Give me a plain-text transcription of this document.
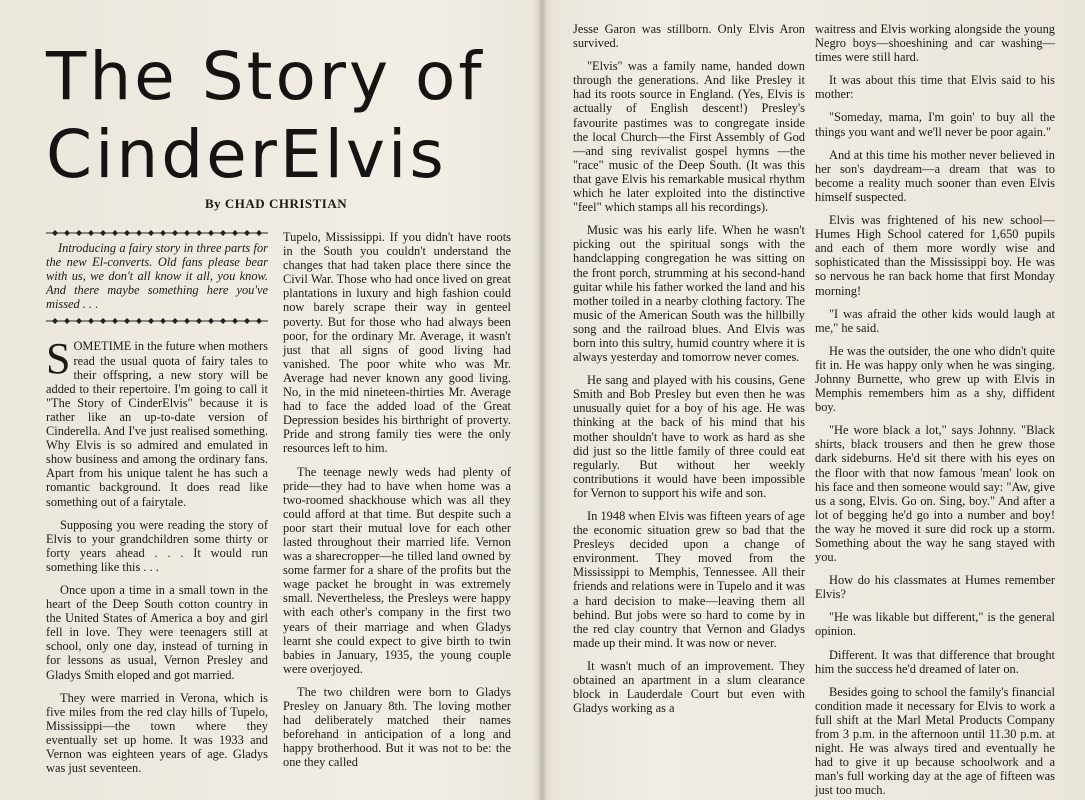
The Story of
CinderElvis

By CHAD CHRISTIAN

Introducing a fairy story in three parts for the new El-converts. Old fans please bear with us, we don't all know it all, you know. And there maybe something here you've missed . . .

SOMETIME in the future when mothers read the usual quota of fairy tales to their offspring, a new story will be added to their repertoire. I'm going to call it "The Story of CinderElvis" because it is rather like an up-to-date version of Cinderella. And I've just realised something. Why Elvis is so admired and emulated in show business and among the ordinary fans. Apart from his unique talent he has such a romantic background. It does read like something out of a fairytale.

Supposing you were reading the story of Elvis to your grandchildren some thirty or forty years ahead . . . It would run something like this . . .

Once upon a time in a small town in the heart of the Deep South cotton country in the United States of America a boy and girl fell in love. They were teenagers still at school, only one day, instead of turning in for lessons as usual, Vernon Presley and Gladys Smith eloped and got married.

They were married in Verona, which is five miles from the red clay hills of Tupelo, Mississippi—the town where they eventually set up home. It was 1933 and Vernon was eighteen years of age. Gladys was just seventeen.

Tupelo, Mississippi. If you didn't have roots in the South you couldn't understand the changes that had taken place there since the Civil War. Those who had once lived on great plantations in luxury and high fashion could now barely scrape their way in genteel poverty. But for those who had always been poor, for the ordinary Mr. Average, it wasn't just that all signs of good living had vanished. The poor white who was Mr. Average had never known any good living. No, in the mid nineteen-thirties Mr. Average had to face the added load of the Great Depression besides his birthright of proverty. Pride and strong family ties were the only resources left to him.

The teenage newly weds had plenty of pride—they had to have when home was a two-roomed shackhouse which was all they could afford at that time. But despite such a poor start their mutual love for each other lasted throughout their married life. Vernon was a sharecropper—he tilled land owned by some farmer for a share of the profits but the wage packet he brought in was extremely small. Nevertheless, the Presleys were happy with each other's company in the first two years of their marriage and when Gladys learnt she could expect to give birth to twin babies in January, 1935, the young couple were overjoyed.

The two children were born to Gladys Presley on January 8th. The loving mother had deliberately matched their names beforehand in anticipation of a long and happy brotherhood. But it was not to be: the one they called

Jesse Garon was stillborn. Only Elvis Aron survived.

"Elvis" was a family name, handed down through the generations. And like Presley it had its roots source in England. (Yes, Elvis is actually of English descent!) Presley's favourite pastimes was to congregate inside the local Church—the First Assembly of God—and sing revivalist gospel hymns —the "race" music of the Deep South. (It was this that gave Elvis his remarkable musical rhythm which he later exploited into the distinctive "feel" which stamps all his recordings).

Music was his early life. When he wasn't picking out the spiritual songs with the handclapping congregation he was sitting on the front porch, strumming at his second-hand guitar while his father worked the land and his mother toiled in a nearby clothing factory. The music of the American South was the hillbilly song and the railroad blues. And Elvis was born into this sultry, humid country where it is always yesterday and tomorrow never comes.

He sang and played with his cousins, Gene Smith and Bob Presley but even then he was unusually quiet for a boy of his age. He was thinking at the back of his mind that his mother shouldn't have to work as hard as she did just so the little family of three could eat regularly. But without her weekly contributions it would have been impossible for Vernon to support his wife and son.

In 1948 when Elvis was fifteen years of age the economic situation grew so bad that the Presleys decided upon a change of environment. They moved from the Mississippi to Memphis, Tennessee. All their friends and relations were in Tupelo and it was a hard decision to make—leaving them all behind. But jobs were so hard to come by in the red clay country that Vernon and Gladys made up their mind. It was now or never.

It wasn't much of an improvement. They obtained an apartment in a slum clearance block in Lauderdale Court but even with Gladys working as a

waitress and Elvis working alongside the young Negro boys—shoeshining and car washing—times were still hard.

It was about this time that Elvis said to his mother:

"Someday, mama, I'm goin' to buy all the things you want and we'll never be poor again."

And at this time his mother never believed in her son's daydream—a dream that was to become a reality much sooner than even Elvis himself suspected.

Elvis was frightened of his new school—Humes High School catered for 1,650 pupils and each of them more wordly wise and sophisticated than the Mississippi boy. He was so nervous he ran back home that first Monday morning!

"I was afraid the other kids would laugh at me," he said.

He was the outsider, the one who didn't quite fit in. He was happy only when he was singing. Johnny Burnette, who grew up with Elvis in Memphis remembers him as a shy, diffident boy.

"He wore black a lot," says Johnny. "Black shirts, black trousers and then he grew those dark sideburns. He'd sit there with his eyes on the floor with that now famous 'mean' look on his face and then someone would say: "Aw, give us a song, Elvis. Go on. Sing, boy." And after a lot of begging he'd go into a number and boy! the way he moved it sure did rock up a storm. Something about the way he sang stayed with you.

How do his classmates at Humes remember Elvis?

"He was likable but different," is the general opinion.

Different. It was that difference that brought him the success he'd dreamed of later on.

Besides going to school the family's financial condition made it necessary for Elvis to work a full shift at the Marl Metal Products Company from 3 p.m. in the afternoon until 11.30 p.m. at night. He was always tired and eventually he had to give it up because schoolwork and a man's full working day at the age of fifteen was just too much.
